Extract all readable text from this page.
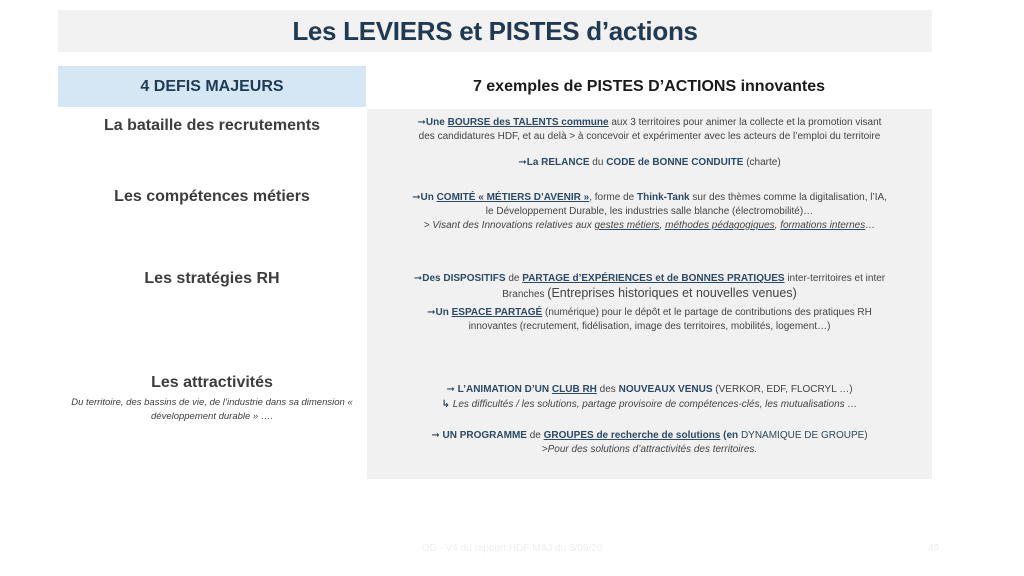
Les LEVIERS et PISTES d’actions
4 DEFIS MAJEURS	7 exemples de PISTES D’ACTIONS innovantes
La bataille des recrutements
Les compétences métiers
Les stratégies RH
Les attractivités
Du territoire, des bassins de vie, de l’industrie dans sa dimension « développement durable » ….
➞Une BOURSE des TALENTS commune aux 3 territoires pour animer la collecte et la promotion visant
des candidatures HDF, et au delà > à concevoir et expérimenter avec les acteurs de l’emploi du territoire
➞La RELANCE du CODE de BONNE CONDUITE (charte)
➞Un COMITÉ « MÉTIERS D’AVENIR », forme de Think-Tank sur des thèmes comme la digitalisation, l’IA,
le Développement Durable, les industries salle blanche (électromobilité)…
> Visant des Innovations relatives aux gestes métiers, méthodes pédagogiques, formations internes…
➞Des DISPOSITIFS de PARTAGE d’EXPÉRIENCES et de BONNES PRATIQUES inter-territoires et inter
Branches (Entreprises historiques et nouvelles venues)
➞Un ESPACE PARTAGÉ (numérique) pour le dépôt et le partage de contributions des pratiques RH
innovantes (recrutement, fidélisation, image des territoires, mobilités, logement…)
➞ L’ANIMATION D’UN CLUB RH des NOUVEAUX VENUS (VERKOR, EDF, FLOCRYL …)
↳ Les difficultés / les solutions, partage provisoire de compétences-clés, les mutualisations …
➞ UN PROGRAMME de GROUPES de recherche de solutions (en DYNAMIQUE DE GROUPE)
>Pour des solutions d’attractivités des territoires.
OD - V4 du rapport HDF MAJ du 3/09/20	49
